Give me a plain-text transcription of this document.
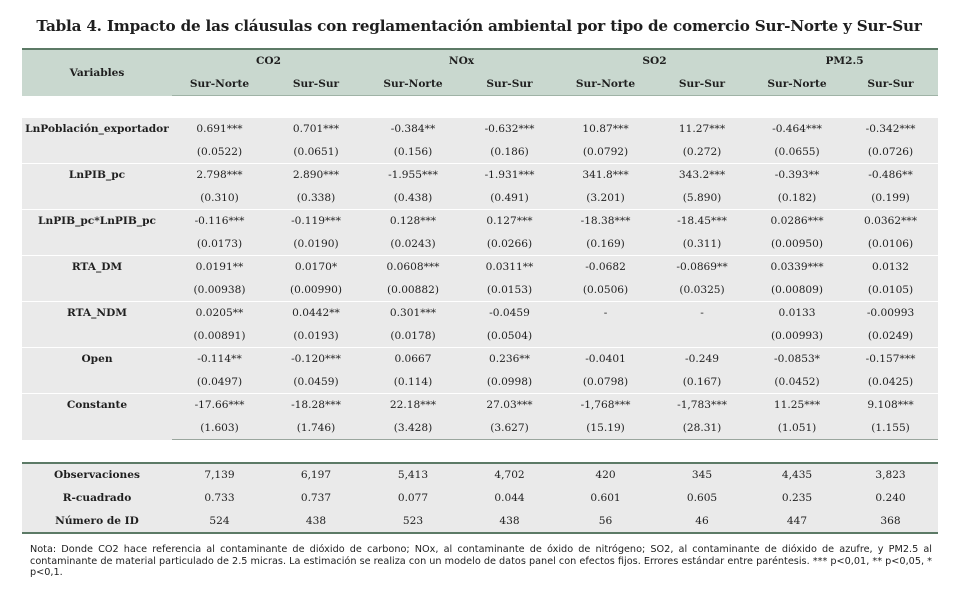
Tabla 4. Impacto de las cláusulas con reglamentación ambiental por tipo de comercio Sur-Norte y Sur-Sur
Variables	CO2		NOx		SO2		PM2.5	
	Sur-Norte	Sur-Sur	Sur-Norte	Sur-Sur	Sur-Norte	Sur-Sur	Sur-Norte	Sur-Sur

LnPoblación_exportador	0.691***	0.701***	-0.384**	-0.632***	10.87***	11.27***	-0.464***	-0.342***
	(0.0522)	(0.0651)	(0.156)	(0.186)	(0.0792)	(0.272)	(0.0655)	(0.0726)
LnPIB_pc	2.798***	2.890***	-1.955***	-1.931***	341.8***	343.2***	-0.393**	-0.486**
	(0.310)	(0.338)	(0.438)	(0.491)	(3.201)	(5.890)	(0.182)	(0.199)
LnPIB_pc*LnPIB_pc	-0.116***	-0.119***	0.128***	0.127***	-18.38***	-18.45***	0.0286***	0.0362***
	(0.0173)	(0.0190)	(0.0243)	(0.0266)	(0.169)	(0.311)	(0.00950)	(0.0106)
RTA_DM	0.0191**	0.0170*	0.0608***	0.0311**	-0.0682	-0.0869**	0.0339***	0.0132
	(0.00938)	(0.00990)	(0.00882)	(0.0153)	(0.0506)	(0.0325)	(0.00809)	(0.0105)
RTA_NDM	0.0205**	0.0442**	0.301***	-0.0459	-	-	0.0133	-0.00993
	(0.00891)	(0.0193)	(0.0178)	(0.0504)			(0.00993)	(0.0249)
Open	-0.114**	-0.120***	0.0667	0.236**	-0.0401	-0.249	-0.0853*	-0.157***
	(0.0497)	(0.0459)	(0.114)	(0.0998)	(0.0798)	(0.167)	(0.0452)	(0.0425)
Constante	-17.66***	-18.28***	22.18***	27.03***	-1,768***	-1,783***	11.25***	9.108***
	(1.603)	(1.746)	(3.428)	(3.627)	(15.19)	(28.31)	(1.051)	(1.155)

Observaciones	7,139	6,197	5,413	4,702	420	345	4,435	3,823
R-cuadrado	0.733	0.737	0.077	0.044	0.601	0.605	0.235	0.240
Número de ID	524	438	523	438	56	46	447	368
Nota: Donde CO2 hace referencia al contaminante de dióxido de carbono; NOx, al contaminante de óxido de nitrógeno; SO2, al contaminante de dióxido de azufre, y PM2.5 al contaminante de material particulado de 2.5 micras. La estimación se realiza con un modelo de datos panel con efectos fijos. Errores estándar entre paréntesis. *** p<0,01, ** p<0,05, * p<0,1.
